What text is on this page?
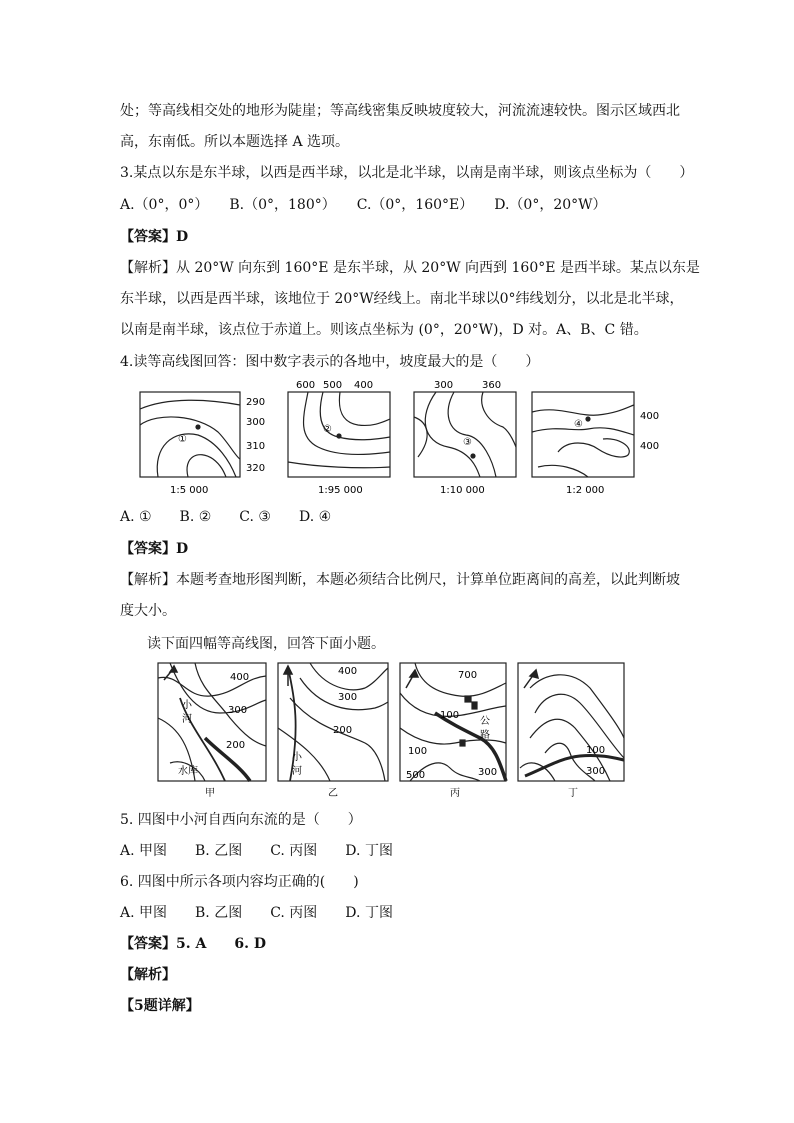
处；等高线相交处的地形为陡崖；等高线密集反映坡度较大，河流流速较快。图示区域西北
高，东南低。所以本题选择 A 选项。
3.某点以东是东半球，以西是西半球，以北是北半球，以南是南半球，则该点坐标为（　　）
A.（0°，0°）　　B.（0°，180°）　　C.（0°，160°E）　　D.（0°，20°W）
【答案】D
【解析】从 20°W 向东到 160°E 是东半球，从 20°W 向西到 160°E 是西半球。某点以东是
东半球，以西是西半球，该地位于 20°W经线上。南北半球以0°纬线划分，以北是北半球，
以南是南半球，该点位于赤道上。则该点坐标为 (0°，20°W)，D 对。A、B、C 错。
4.读等高线图回答：图中数字表示的各地中，坡度最大的是（　　）
①
290
300
310
320
1:5 000
②
600 500 400
1:95 000
③
300	360
1:10 000
④
400
400
1:2 000
A. ①　　B. ②　　C. ③　　D. ④
【答案】D
【解析】本题考查地形图判断，本题必须结合比例尺，计算单位距离间的高差，以此判断坡
度大小。
读下面四幅等高线图，回答下面小题。
400
300
200
小
河
水库
甲
400
300
200
小
河
乙
700
100
100
500	300
公
路
丙
100
300
丁
5. 四图中小河自西向东流的是（　　）
A. 甲图　　B. 乙图　　C. 丙图　　D. 丁图
6. 四图中所示各项内容均正确的(　　)
A. 甲图　　B. 乙图　　C. 丙图　　D. 丁图
【答案】5. A　　6. D
【解析】
【5题详解】
